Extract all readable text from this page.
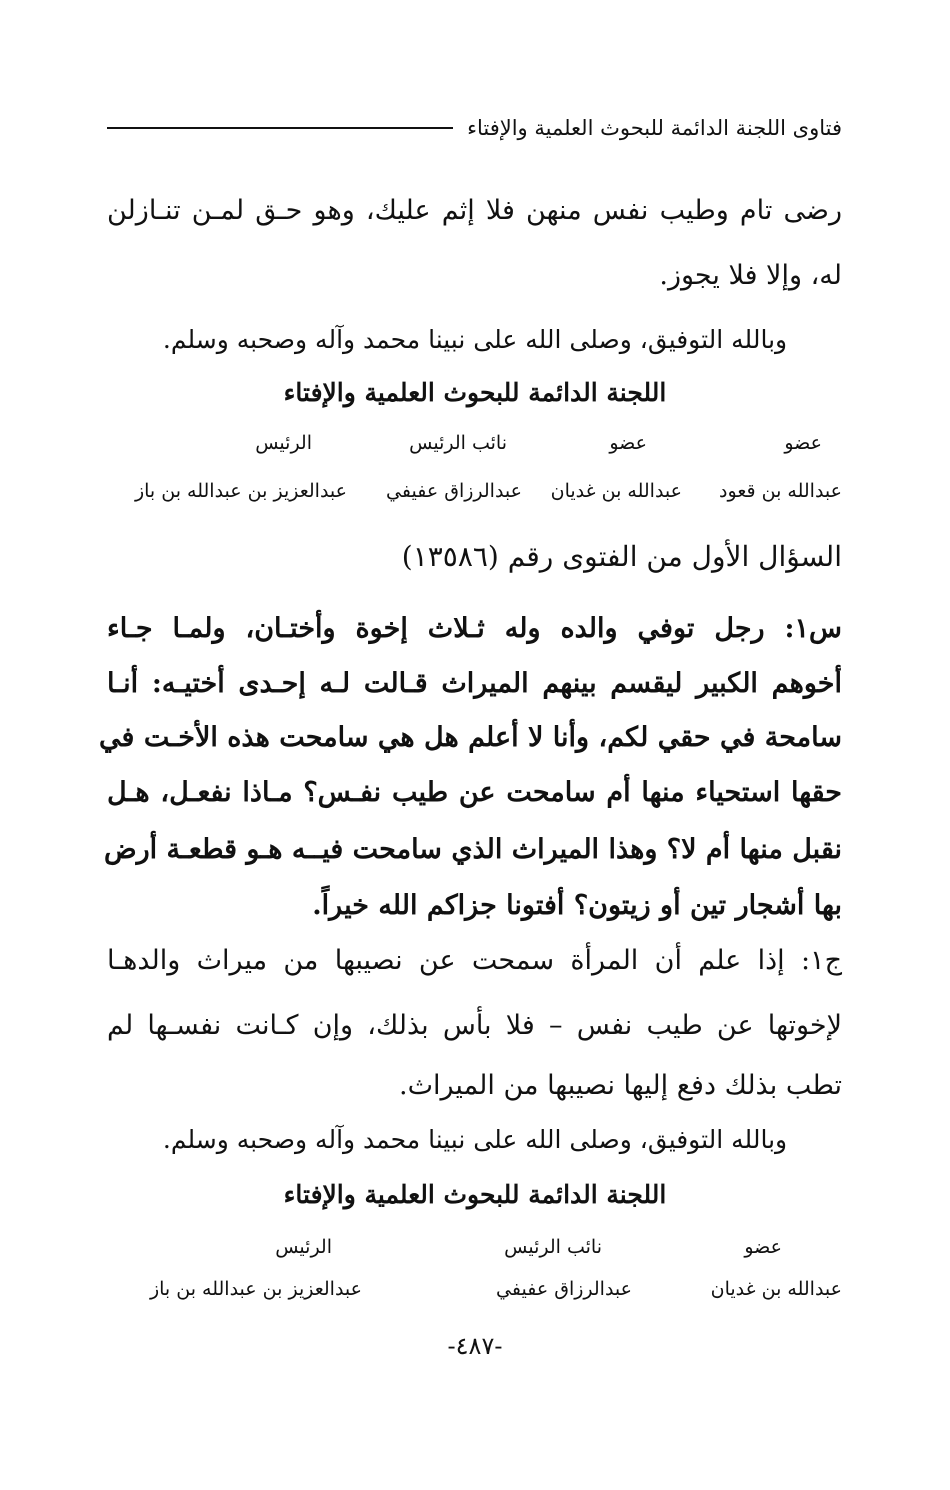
فتاوى اللجنة الدائمة للبحوث العلمية والإفتاء
رضى تام وطيب نفس منهن فلا إثم عليك، وهو حـق لمـن تنـازلن
له، وإلا فلا يجوز.
وبالله التوفيق، وصلى الله على نبينا محمد وآله وصحبه وسلم.
اللجنة الدائمة للبحوث العلمية والإفتاء
عضو
عضو
نائب الرئيس
الرئيس
عبدالله بن قعود
عبدالله بن غديان
عبدالرزاق عفيفي
عبدالعزيز بن عبدالله بن باز
السؤال الأول من الفتوى رقم (١٣٥٨٦)
س١: رجل توفي والده وله ثـلاث إخوة وأختـان، ولمـا جـاء
أخوهم الكبير ليقسم بينهم الميراث قـالت لـه إحـدى أختيـه: أنـا
سامحة في حقي لكم، وأنا لا أعلم هل هي سامحت هذه الأخـت في
حقها استحياء منها أم سامحت عن طيب نفـس؟ مـاذا نفعـل، هـل
نقبل منها أم لا؟ وهذا الميراث الذي سامحت فيــه هـو قطعـة أرض
بها أشجار تين أو زيتون؟ أفتونا جزاكم الله خيراً.
ج١: إذا علم أن المرأة سمحت عن نصيبها من ميراث والدهـا
لإخوتها عن طيب نفس – فلا بأس بذلك، وإن كـانت نفسـها لم
تطب بذلك دفع إليها نصيبها من الميراث.
وبالله التوفيق، وصلى الله على نبينا محمد وآله وصحبه وسلم.
اللجنة الدائمة للبحوث العلمية والإفتاء
عضو
نائب الرئيس
الرئيس
عبدالله بن غديان
عبدالرزاق عفيفي
عبدالعزيز بن عبدالله بن باز
-٤٨٧-
